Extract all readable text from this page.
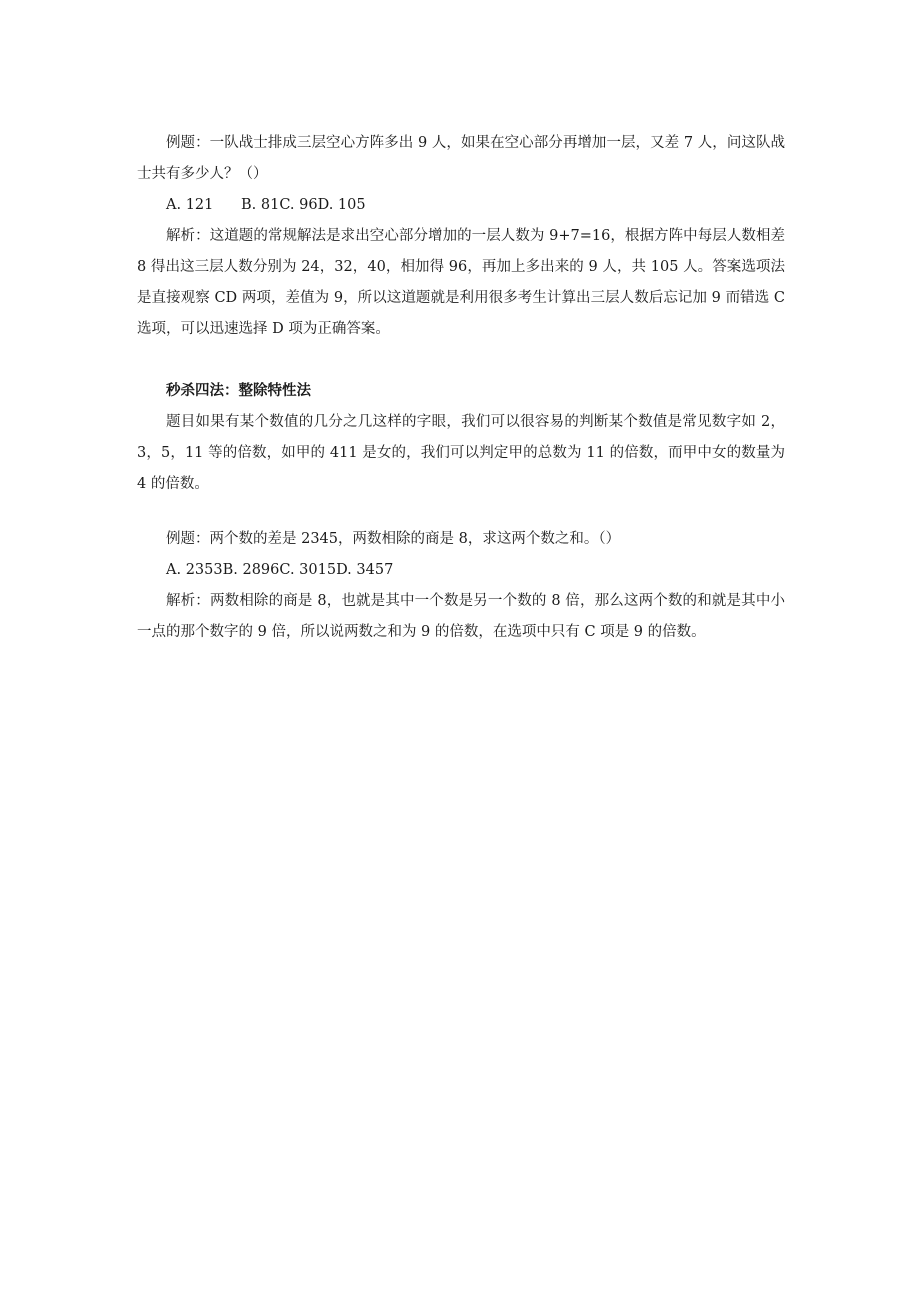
例题：一队战士排成三层空心方阵多出 9 人，如果在空心部分再增加一层，又差 7 人，问这队战士共有多少人？（）

A. 121      B. 81C. 96D. 105

解析：这道题的常规解法是求出空心部分增加的一层人数为 9+7=16，根据方阵中每层人数相差 8 得出这三层人数分别为 24，32，40，相加得 96，再加上多出来的 9 人，共 105 人。答案选项法是直接观察 CD 两项，差值为 9，所以这道题就是利用很多考生计算出三层人数后忘记加 9 而错选 C 选项，可以迅速选择 D 项为正确答案。

秒杀四法：整除特性法

题目如果有某个数值的几分之几这样的字眼，我们可以很容易的判断某个数值是常见数字如 2，3，5，11 等的倍数，如甲的 411 是女的，我们可以判定甲的总数为 11 的倍数，而甲中女的数量为 4 的倍数。

例题：两个数的差是 2345，两数相除的商是 8，求这两个数之和。（）

A. 2353B. 2896C. 3015D. 3457

解析：两数相除的商是 8，也就是其中一个数是另一个数的 8 倍，那么这两个数的和就是其中小一点的那个数字的 9 倍，所以说两数之和为 9 的倍数，在选项中只有 C 项是 9 的倍数。
